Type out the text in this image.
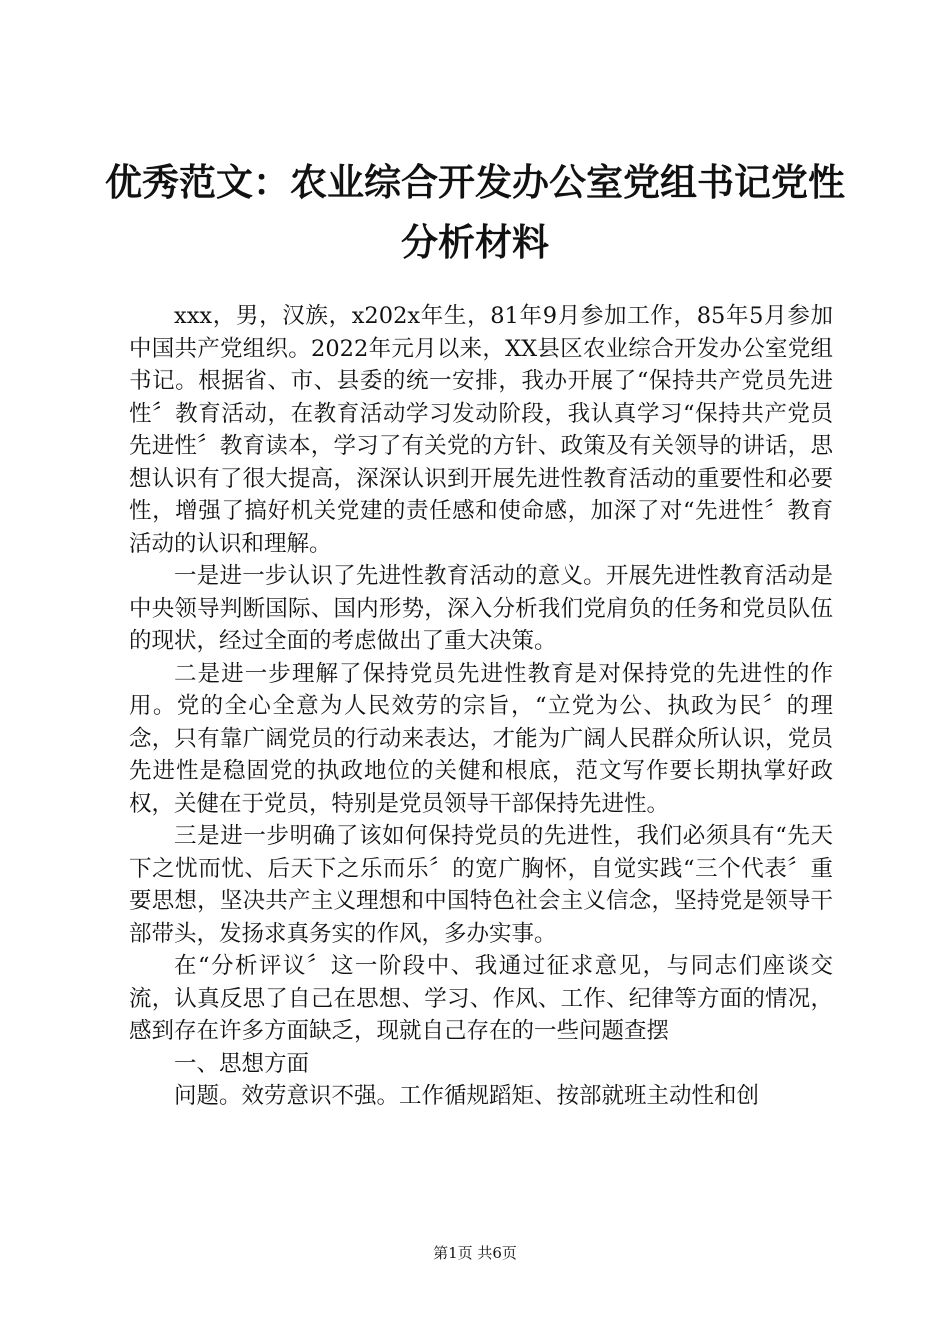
优秀范文：农业综合开发办公室党组书记党性
分析材料

xxx，男，汉族，x202x年生，81年9月参加工作，85年5月参加中国共产党组织。2022年元月以来，XX县区农业综合开发办公室党组书记。根据省、市、县委的统一安排，我办开展了“保持共产党员先进性〞教育活动，在教育活动学习发动阶段，我认真学习“保持共产党员先进性〞教育读本，学习了有关党的方针、政策及有关领导的讲话，思想认识有了很大提高，深深认识到开展先进性教育活动的重要性和必要性，增强了搞好机关党建的责任感和使命感，加深了对“先进性〞教育活动的认识和理解。

一是进一步认识了先进性教育活动的意义。开展先进性教育活动是中央领导判断国际、国内形势，深入分析我们党肩负的任务和党员队伍的现状，经过全面的考虑做出了重大决策。

二是进一步理解了保持党员先进性教育是对保持党的先进性的作用。党的全心全意为人民效劳的宗旨，“立党为公、执政为民〞的理念，只有靠广阔党员的行动来表达，才能为广阔人民群众所认识，党员先进性是稳固党的执政地位的关健和根底，范文写作要长期执掌好政权，关健在于党员，特别是党员领导干部保持先进性。

三是进一步明确了该如何保持党员的先进性，我们必须具有“先天下之忧而忧、后天下之乐而乐〞的宽广胸怀，自觉实践“三个代表〞重要思想，坚决共产主义理想和中国特色社会主义信念，坚持党是领导干部带头，发扬求真务实的作风，多办实事。

在“分析评议〞这一阶段中、我通过征求意见，与同志们座谈交流，认真反思了自己在思想、学习、作风、工作、纪律等方面的情况，感到存在许多方面缺乏，现就自己存在的一些问题查摆

一、思想方面

问题。效劳意识不强。工作循规蹈矩、按部就班主动性和创

第1页 共6页
